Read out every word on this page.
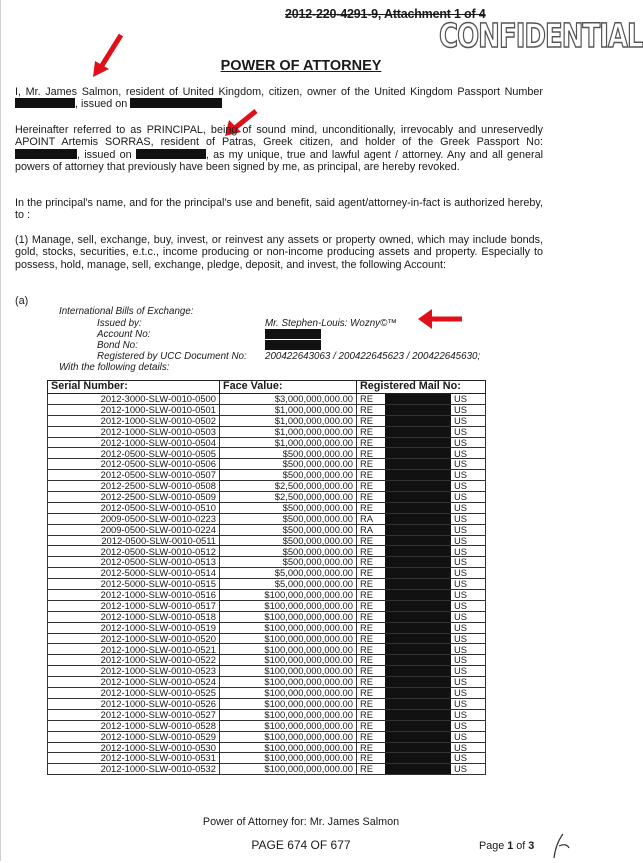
2012-220-4291-9, Attachment 1 of 4
CONFIDENTIAL
POWER OF ATTORNEY
I, Mr. James Salmon, resident of United Kingdom, citizen, owner of the United Kingdom Passport Number , issued on
Hereinafter referred to as PRINCIPAL, being of sound mind, unconditionally, irrevocably and unreservedly APOINT Artemis SORRAS, resident of Patras, Greek citizen, and holder of the Greek Passport No: , issued on	, as my unique, true and lawful agent / attorney. Any and all general powers of attorney that previously have been signed by me, as principal, are hereby revoked.
In the principal's name, and for the principal's use and benefit, said agent/attorney-in-fact is authorized hereby, to :
(1) Manage, sell, exchange, buy, invest, or reinvest any assets or property owned, which may include bonds, gold, stocks, securities, e.t.c., income producing or non-income producing assets and property. Especially to possess, hold, manage, sell, exchange, pledge, deposit, and invest, the following Account:
(a)
International Bills of Exchange:
Issued by:	Mr. Stephen-Louis: Wozny©™
Account No:
Bond No:
Registered by UCC Document No: 200422643063 / 200422645623 / 200422645630;
With the following details:
Serial Number:	Face Value:	Registered Mail No:		
2012-3000-SLW-0010-0500	$3,000,000,000.00	RE		US
2012-1000-SLW-0010-0501	$1,000,000,000.00	RE		US
2012-1000-SLW-0010-0502	$1,000,000,000.00	RE		US
2012-1000-SLW-0010-0503	$1,000,000,000.00	RE		US
2012-1000-SLW-0010-0504	$1,000,000,000.00	RE		US
2012-0500-SLW-0010-0505	$500,000,000.00	RE		US
2012-0500-SLW-0010-0506	$500,000,000.00	RE		US
2012-0500-SLW-0010-0507	$500,000,000.00	RE		US
2012-2500-SLW-0010-0508	$2,500,000,000.00	RE		US
2012-2500-SLW-0010-0509	$2,500,000,000.00	RE		US
2012-0500-SLW-0010-0510	$500,000,000.00	RE		US
2009-0500-SLW-0010-0223	$500,000,000.00	RA		US
2009-0500-SLW-0010-0224	$500,000,000.00	RA		US
2012-0500-SLW-0010-0511	$500,000,000.00	RE		US
2012-0500-SLW-0010-0512	$500,000,000.00	RE		US
2012-0500-SLW-0010-0513	$500,000,000.00	RE		US
2012-5000-SLW-0010-0514	$5,000,000,000.00	RE		US
2012-5000-SLW-0010-0515	$5,000,000,000.00	RE		US
2012-1000-SLW-0010-0516	$100,000,000,000.00	RE		US
2012-1000-SLW-0010-0517	$100,000,000,000.00	RE		US
2012-1000-SLW-0010-0518	$100,000,000,000.00	RE		US
2012-1000-SLW-0010-0519	$100,000,000,000.00	RE		US
2012-1000-SLW-0010-0520	$100,000,000,000.00	RE		US
2012-1000-SLW-0010-0521	$100,000,000,000.00	RE		US
2012-1000-SLW-0010-0522	$100,000,000,000.00	RE		US
2012-1000-SLW-0010-0523	$100,000,000,000.00	RE		US
2012-1000-SLW-0010-0524	$100,000,000,000.00	RE		US
2012-1000-SLW-0010-0525	$100,000,000,000.00	RE		US
2012-1000-SLW-0010-0526	$100,000,000,000.00	RE		US
2012-1000-SLW-0010-0527	$100,000,000,000.00	RE		US
2012-1000-SLW-0010-0528	$100,000,000,000.00	RE		US
2012-1000-SLW-0010-0529	$100,000,000,000.00	RE		US
2012-1000-SLW-0010-0530	$100,000,000,000.00	RE		US
2012-1000-SLW-0010-0531	$100,000,000,000.00	RE		US
2012-1000-SLW-0010-0532	$100,000,000,000.00	RE		US
Power of Attorney for: Mr. James Salmon
PAGE 674 OF 677	Page 1 of 3
